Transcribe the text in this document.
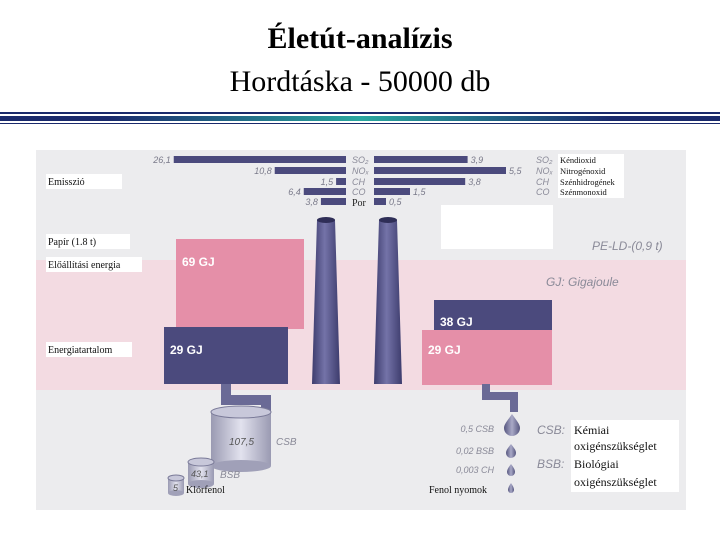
Életút-analízis
Hordtáska - 50000 db
26,1
10,8
1,5
6,4
3,8
3,9
5,5
3,8
1,5
0,5
SO₂
NOₓ
CH
CO
Por
SO₂
NOₓ
CH
CO
Kéndioxid
Nitrogénoxid
Szénhidrogének
Szénmonoxid
Emisszió
Papír (1.8 t)
Előállítási energia
Energiatartalom
69 GJ
29 GJ
38 GJ
29 GJ
PE-LD-(0,9 t)
GJ: Gigajoule
107,5 CSB
43,1 BSB
5 Klórfenol
0,5 CSB
0,02 BSB
0,003 CH
Fenol nyomok
CSB: Kémiai
oxigénszükséglet
BSB: Biológiai
oxigénszükséglet
